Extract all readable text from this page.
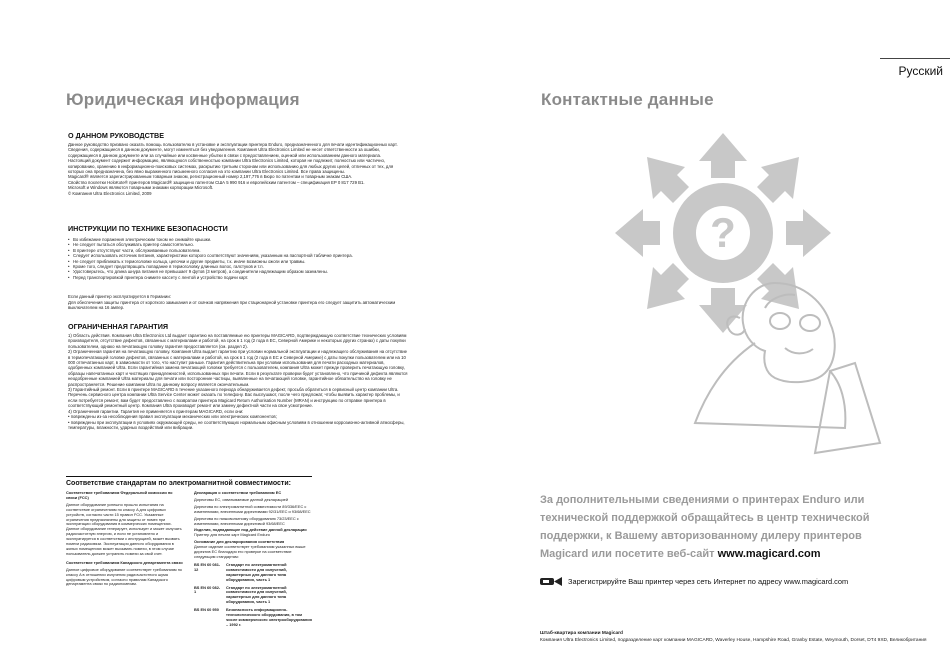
Юридическая информация
О ДАННОМ РУКОВОДСТВЕ

Данное руководство призвано оказать помощь пользователю в установке и эксплуатации принтера Enduro, предназначенного для печати идентификационных карт.

Сведения, содержащиеся в данном документе, могут изменяться без уведомления. Компания Ultra Electronics Limited не несет ответственности за ошибки, содержащиеся в данном документе или за случайные или косвенные убытки в связи с предоставлением, оценкой или использованием данного материала.

Настоящий документ содержит информацию, являющуюся собственностью компании Ultra Electronics Limited, которая не подлежит, полностью или частично, копированию, хранению в информационно-поисковых системах, раскрытию третьим сторонам или использованию для любых других целей, отличных от тех, для которых она предназначена, без явно выраженного письменного согласия на это компании Ultra Electronics Limited. Все права защищены.

Magicard® является зарегистрированным товарным знаком, регистрационный номер 2,197,776 в Бюро по патентам и товарным знакам США.

Свойство похлетки HoloKote® принтеров Magicard® защищено патентом США 5 990 916 и европейским патентом – спецификация EP 0 817 729 B1.

Microsoft и Windows являются товарными знаками корпорации Microsoft.

© Компания Ultra Electronics Limited, 2009

ИНСТРУКЦИИ ПО ТЕХНИКЕ БЕЗОПАСНОСТИ
• Во избежание поражения электрическим током не снимайте крышки.
• Не следует пытаться обслуживать принтер самостоятельно.
• В принтере отсутствуют части, обслуживаемые пользователем.
• Следует использовать источник питания, характеристики которого соответствуют значениям, указанным на паспортной табличке принтера.
• Не следует приближать к термоголовке кольца, цепочки и другие предметы, т.к. иначе возможны ожоги или травмы.
• Кроме того, следует предотвращать попадание в термоголовку длинных волос, галстуков и т.п.
• Удостоверьтесь, что длина шнура питания не превышает 9 футов (3 метров), а соединители надлежащим образом заземлены.
• Перед транспортировкой принтера снимите кассету с лентой и устройство подачи карт.

Если данный принтер эксплуатируется в Германии:

Для обеспечения защиты принтера от короткого замыкания и от скачков напряжения при стационарной установке принтера его следует защитить автоматическим выключателем на 16 ампер.

ОГРАНИЧЕННАЯ ГАРАНТИЯ

1) Область действия. Компания Ultra Electronics Ltd выдает гарантию на поставляемые ею принтеры MAGICARD, подтверждающую соответствие технических условиям производителя, отсутствие дефектов, связанных с материалами и работой, на срок в 1 год (2 года в ЕС, Северной Америке и некоторых других странах) с даты покупки пользователем, однако на печатающую головку гарантия предоставляется (см. раздел 2).

2) Ограниченная гарантия на печатающую головку. Компания Ultra выдает гарантию при условии нормальной эксплуатации и надлежащего обслуживания на отсутствие в термопечатающей головке дефектов, связанных с материалами и работой, на срок в 1 год (2 года в ЕС и Северной Америке) с даты покупки пользователем или на 10 000 отпечатанных карт, в зависимости от того, что наступит раньше. Гарантия действительна при условии использования для печати расходных материалов, одобренных компанией Ultra. Если гарантийная замена печатающей головки требуется с пользователем, компания Ultra может прежде проверить печатающую головку, образцы напечатанных карт и чистящих принадлежностей, использованных при печати. Если в результате проверки будет установлено, что причиной дефекта являются неодобренные компанией Ultra материалы для печати или посторонние частицы, выявленные на печатающей головке, гарантийное обязательство на головку не распространяется. Решение компании Ultra по данному вопросу является окончательным.

3) Гарантийный ремонт. Если в принтере MAGICARD в течение указанного периода обнаруживается дефект, просьба обратиться в сервисный центр компании Ultra. Перечень сервисного центра компании Ultra Service Center может оказать по телефону. Вас выслушают, после чего предложат, чтобы выявить характер проблемы, и если потребуется ремонт, вам будет предоставлено с возвратом принтера Magicard Return Authorisation Number (MRAN) и инструкцию по отправке принтера в соответствующий ремонтный центр. Компания Ultra производит ремонт или замену дефектной части на свое усмотрение.

4) Ограничения гарантии. Гарантия не применяется к принтерам MAGICARD, если они:

• повреждены из-за несоблюдения правил эксплуатации механических или электрических компонентов;

• повреждены при эксплуатации в условиях окружающей среды, не соответствующих нормальным офисным условиям в отношении коррозионно-активной атмосферы, температуры, влажности, ударных воздействий или вибрации.

Соответствие стандартам по электромагнитной совместимости:
Соответствие требованиям Федеральной комиссии по связи (FCC)
Данное оборудование успешно прошло испытания на соответствие ограничениям по классу A для цифровых устройств, согласно части 15 правил FCC. Указанные ограничения предназначены для защиты от помех при эксплуатации оборудования в коммерческих помещениях. Данное оборудование генерирует, использует и может излучать радиочастотную энергию, и если не установлено и эксплуатируется в соответствии с инструкцией, может вызвать помехи радиосвязи. Эксплуатация данного оборудования в жилых помещениях может вызывать помехи, в этом случае пользователь должен устранить помехи за свой счет.
Соответствие требованиям Канадского департамента связи
Данное цифровое оборудование соответствует требованиям по классу A в отношении излучения радиочастотного шума цифровым устройством, согласно правилам Канадского департамента связи по радиопомехам.
Декларация о соответствии требованиям ЕС
Директивы ЕС, охватываемые данной декларацией
Директива по электромагнитной совместимости 89/336/EEC с изменениями, внесенными директивами 92/31/EEC и 93/68/EEC
Директива по низковольтному оборудованию 73/23/EEC с изменениями, внесенными директивой 93/68/EEC
Изделия, подпадающие под действие данной декларации
Принтер для печати карт Magicard Enduro
Основание для декларирования соответствия
Данное изделие соответствует требованиям указанных выше директив ЕС благодаря его проверке на соответствие следующим стандартам:
BS EN 60 081-12
Стандарт по электромагнитной совместимости для излучений, характерных для данного типа оборудования, часть 1
BS EN 60 082-1
Стандарт по электромагнитной совместимости для излучений, характерных для данного типа оборудования, часть 1
BS EN 60 950	Безопасность информационно-технологического оборудования, в том числе коммерческого электрооборудования – 1992 г.
Русский
Контактные данные
?
За дополнительными сведениями о принтерах Enduro или технической поддержкой обращайтесь в центр технической поддержки, к Вашему авторизованному дилеру принтеров Magicard или посетите веб-сайт www.magicard.com
Зарегистрируйте Ваш принтер через сеть Интернет по адресу www.magicard.com
Штаб-квартира компании Magicard
Компания Ultra Electronics Limited, подразделение карт компании MAGICARD, Waverley House, Hampshire Road, Granby Estate, Weymouth, Dorset, DT4 9XD, Великобритания
